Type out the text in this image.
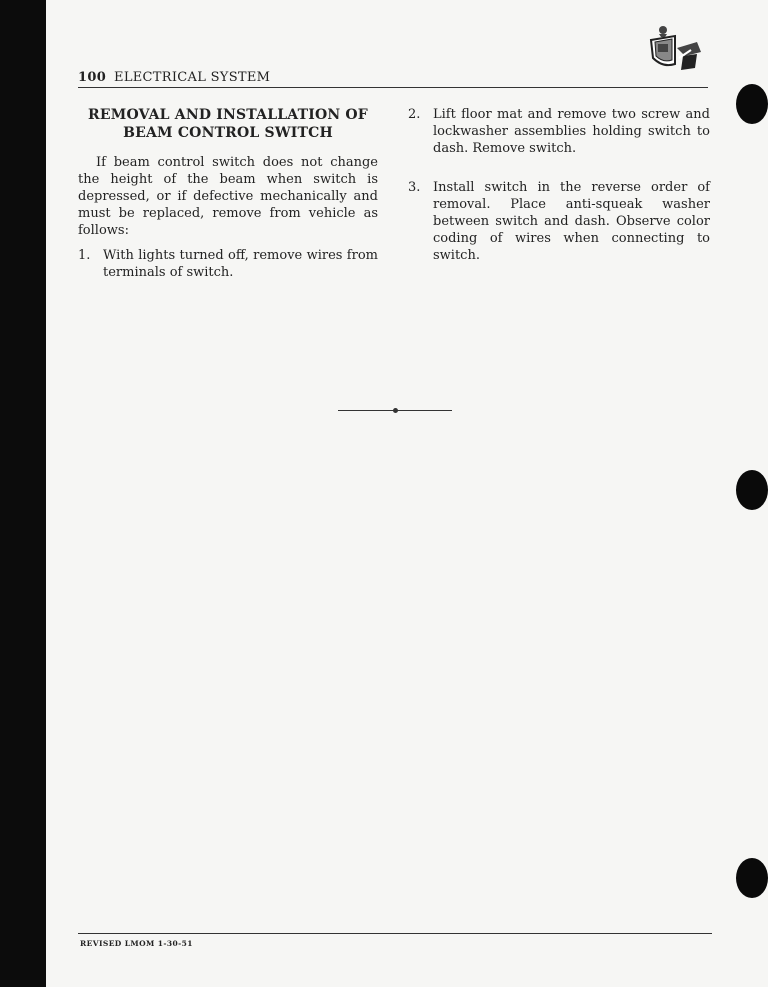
100 ELECTRICAL SYSTEM
REMOVAL AND INSTALLATION OF
BEAM CONTROL SWITCH

If beam control switch does not change the height of the beam when switch is depressed, or if defective mechanically and must be replaced, remove from vehicle as follows:

1. With lights turned off, remove wires from terminals of switch.
2. Lift floor mat and remove two screw and lockwasher assemblies holding switch to dash. Remove switch.
3. Install switch in the reverse order of removal. Place anti-squeak washer between switch and dash. Observe color coding of wires when connecting to switch.
REVISED LMOM 1-30-51
